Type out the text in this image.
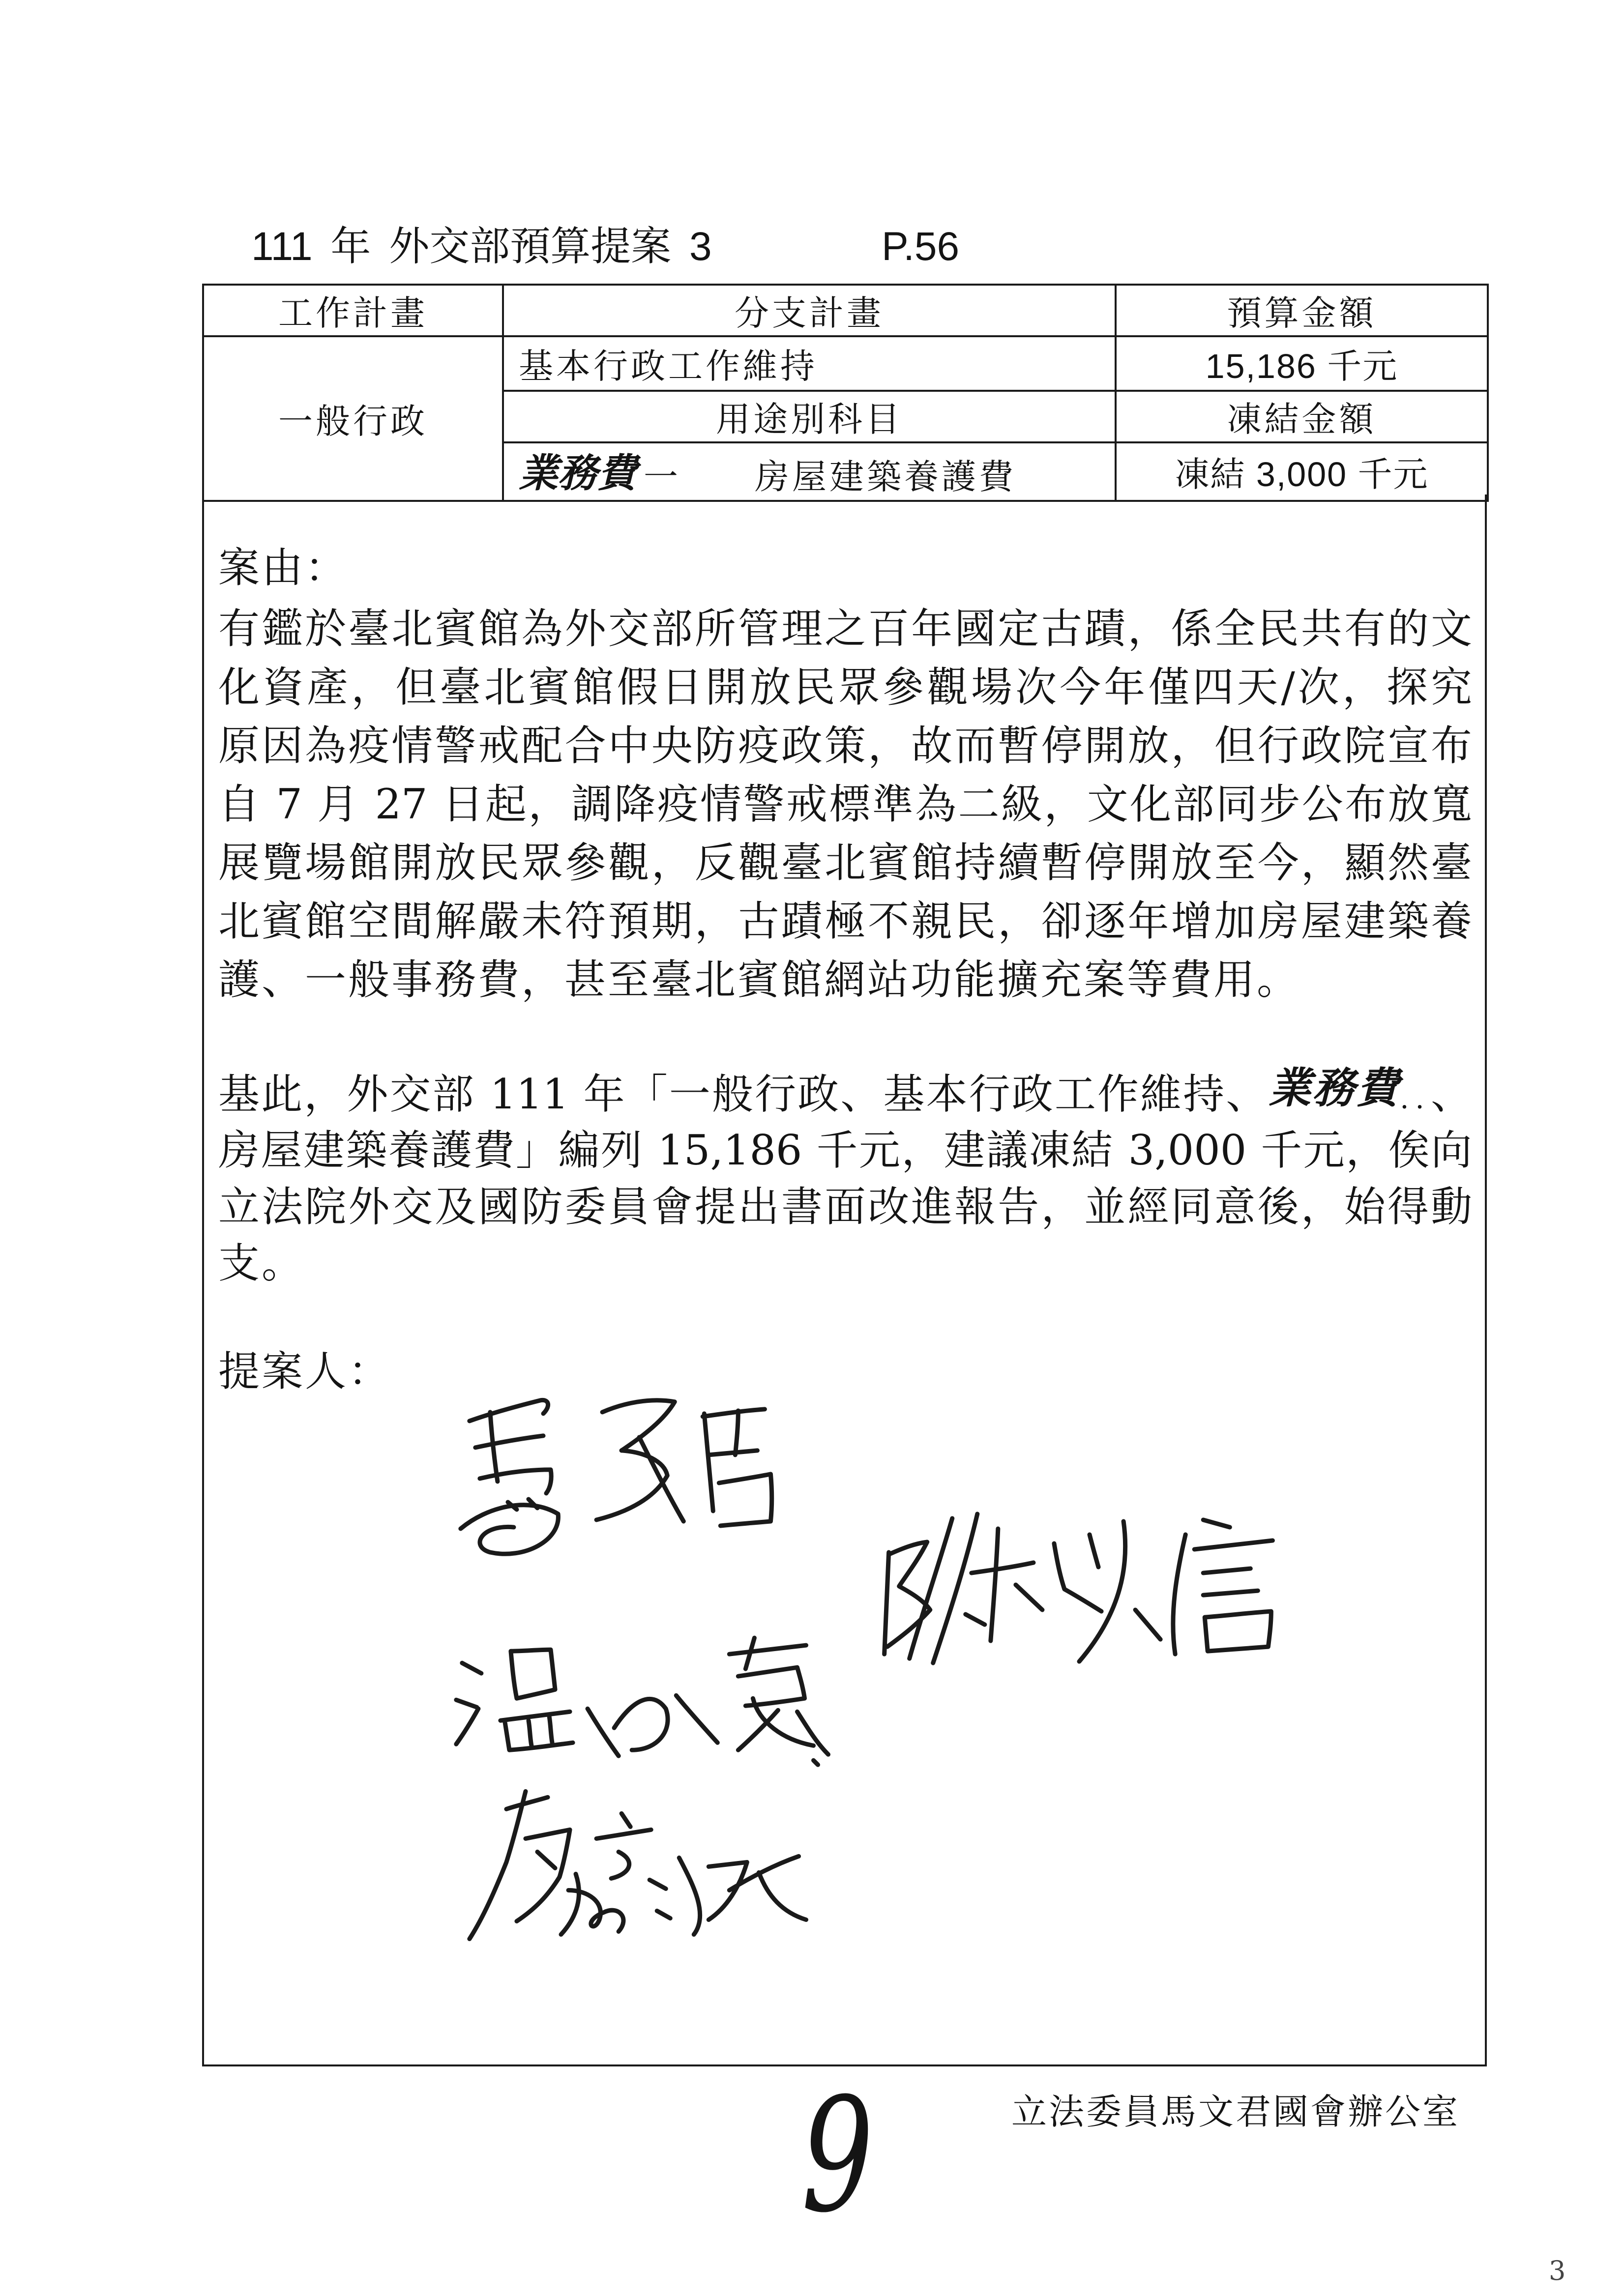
111 年 外交部預算提案 3	P.56
工作計畫	分支計畫	預算金額
一般行政	基本行政工作維持	15,186 千元
	用途別科目	凍結金額
	業務費 一 房屋建築養護費	凍結 3,000 千元
案由：
有鑑於臺北賓館為外交部所管理之百年國定古蹟，係全民共有的文
化資產，但臺北賓館假日開放民眾參觀場次今年僅四天/次，探究
原因為疫情警戒配合中央防疫政策，故而暫停開放，但行政院宣布
自 7 月 27 日起，調降疫情警戒標準為二級，文化部同步公布放寬
展覽場館開放民眾參觀，反觀臺北賓館持續暫停開放至今，顯然臺
北賓館空間解嚴未符預期，古蹟極不親民，卻逐年增加房屋建築養
護、一般事務費，甚至臺北賓館網站功能擴充案等費用。
基此，外交部 111 年「一般行政、基本行政工作維持、業務費．．、
房屋建築養護費」編列 15,186 千元，建議凍結 3,000 千元，俟向
立法院外交及國防委員會提出書面改進報告，並經同意後，始得動
支。
提案人：
9	立法委員馬文君國會辦公室
3
